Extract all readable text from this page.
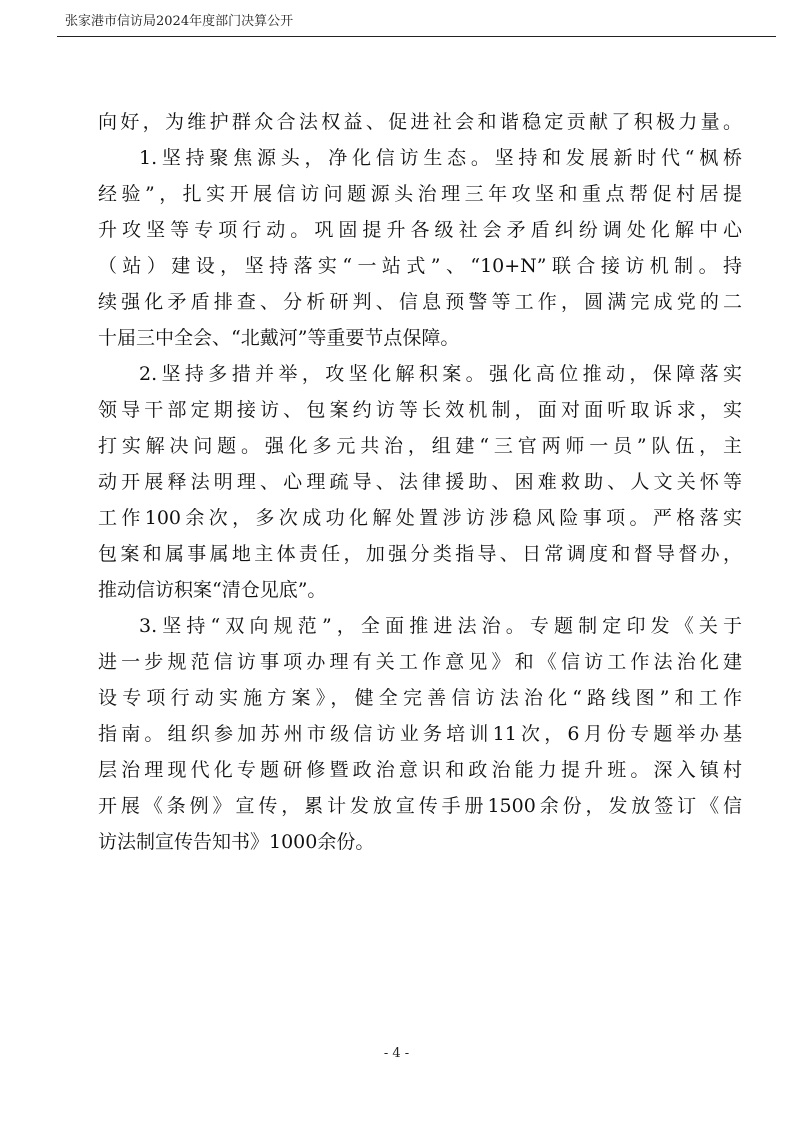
张家港市信访局2024年度部门决算公开
向好，为维护群众合法权益、促进社会和谐稳定贡献了积极力量。
1.坚持聚焦源头，净化信访生态。坚持和发展新时代“枫桥
经验”，扎实开展信访问题源头治理三年攻坚和重点帮促村居提
升攻坚等专项行动。巩固提升各级社会矛盾纠纷调处化解中心
（站）建设，坚持落实“一站式”、“10+N”联合接访机制。持
续强化矛盾排查、分析研判、信息预警等工作，圆满完成党的二
十届三中全会、“北戴河”等重要节点保障。
2.坚持多措并举，攻坚化解积案。强化高位推动，保障落实
领导干部定期接访、包案约访等长效机制，面对面听取诉求，实
打实解决问题。强化多元共治，组建“三官两师一员”队伍，主
动开展释法明理、心理疏导、法律援助、困难救助、人文关怀等
工作100余次，多次成功化解处置涉访涉稳风险事项。严格落实
包案和属事属地主体责任，加强分类指导、日常调度和督导督办，
推动信访积案“清仓见底”。
3.坚持“双向规范”，全面推进法治。专题制定印发《关于
进一步规范信访事项办理有关工作意见》和《信访工作法治化建
设专项行动实施方案》，健全完善信访法治化“路线图”和工作
指南。组织参加苏州市级信访业务培训11次，6月份专题举办基
层治理现代化专题研修暨政治意识和政治能力提升班。深入镇村
开展《条例》宣传，累计发放宣传手册1500余份，发放签订《信
访法制宣传告知书》1000余份。
- 4 -
